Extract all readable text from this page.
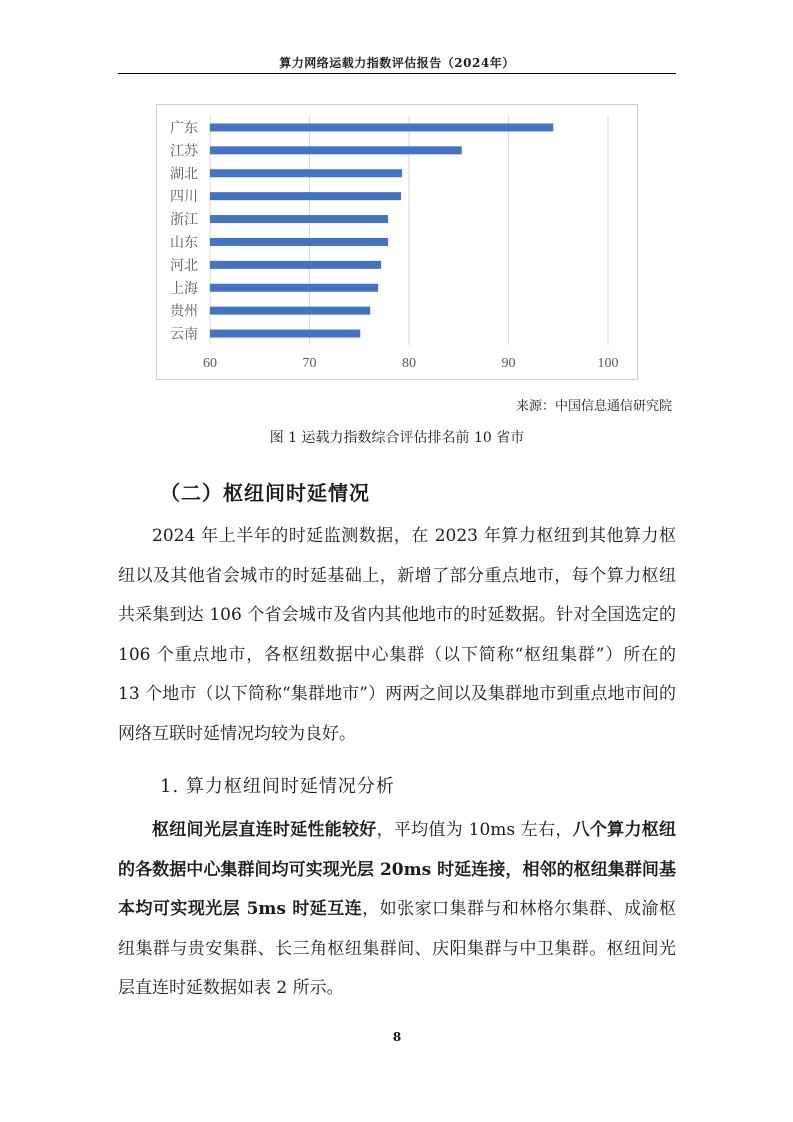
算力网络运载力指数评估报告（2024年）
60	70	80	90	100
广东
江苏
湖北
四川
浙江
山东
河北
上海
贵州
云南
来源：中国信息通信研究院
图 1 运载力指数综合评估排名前 10 省市
（二）枢纽间时延情况
2024 年上半年的时延监测数据，在 2023 年算力枢纽到其他算力枢纽以及其他省会城市的时延基础上，新增了部分重点地市，每个算力枢纽共采集到达 106 个省会城市及省内其他地市的时延数据。针对全国选定的 106 个重点地市，各枢纽数据中心集群（以下简称“枢纽集群”）所在的 13 个地市（以下简称“集群地市”）两两之间以及集群地市到重点地市间的网络互联时延情况均较为良好。
1. 算力枢纽间时延情况分析
枢纽间光层直连时延性能较好，平均值为 10ms 左右，八个算力枢纽的各数据中心集群间均可实现光层 20ms 时延连接，相邻的枢纽集群间基本均可实现光层 5ms 时延互连，如张家口集群与和林格尔集群、成渝枢纽集群与贵安集群、长三角枢纽集群间、庆阳集群与中卫集群。枢纽间光层直连时延数据如表 2 所示。
8
